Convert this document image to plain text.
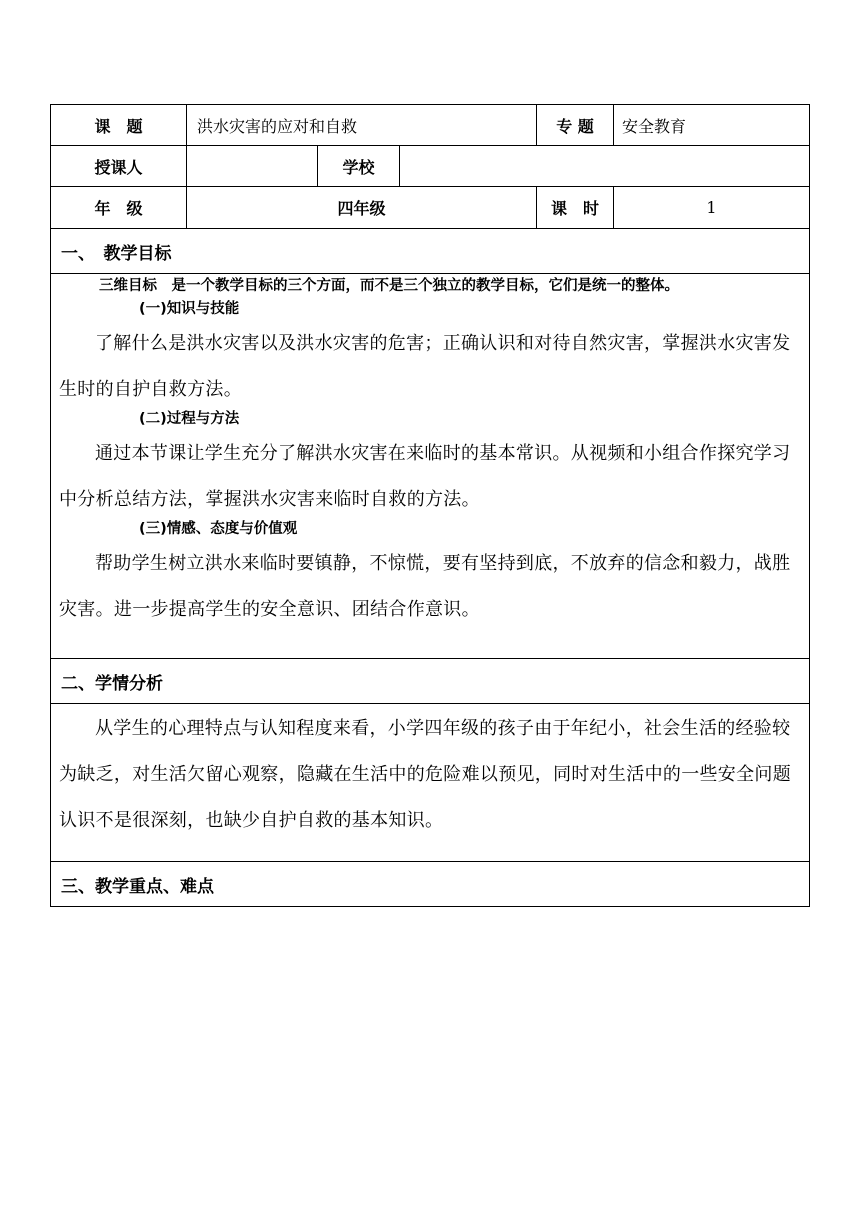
课　题	洪水灾害的应对和自救	专 题	安全教育
授课人	学校
年　级	四年级	课　时	1
一、　教学目标

三维目标　是一个教学目标的三个方面，而不是三个独立的教学目标，它们是统一的整体。

(一)知识与技能

了解什么是洪水灾害以及洪水灾害的危害；正确认识和对待自然灾害，掌握洪水灾害发生时的自护自救方法。

(二)过程与方法

通过本节课让学生充分了解洪水灾害在来临时的基本常识。从视频和小组合作探究学习中分析总结方法，掌握洪水灾害来临时自救的方法。

(三)情感、态度与价值观

帮助学生树立洪水来临时要镇静，不惊慌，要有坚持到底，不放弃的信念和毅力，战胜灾害。进一步提高学生的安全意识、团结合作意识。

二、学情分析

从学生的心理特点与认知程度来看，小学四年级的孩子由于年纪小，社会生活的经验较为缺乏，对生活欠留心观察，隐藏在生活中的危险难以预见，同时对生活中的一些安全问题认识不是很深刻，也缺少自护自救的基本知识。

三、教学重点、难点
